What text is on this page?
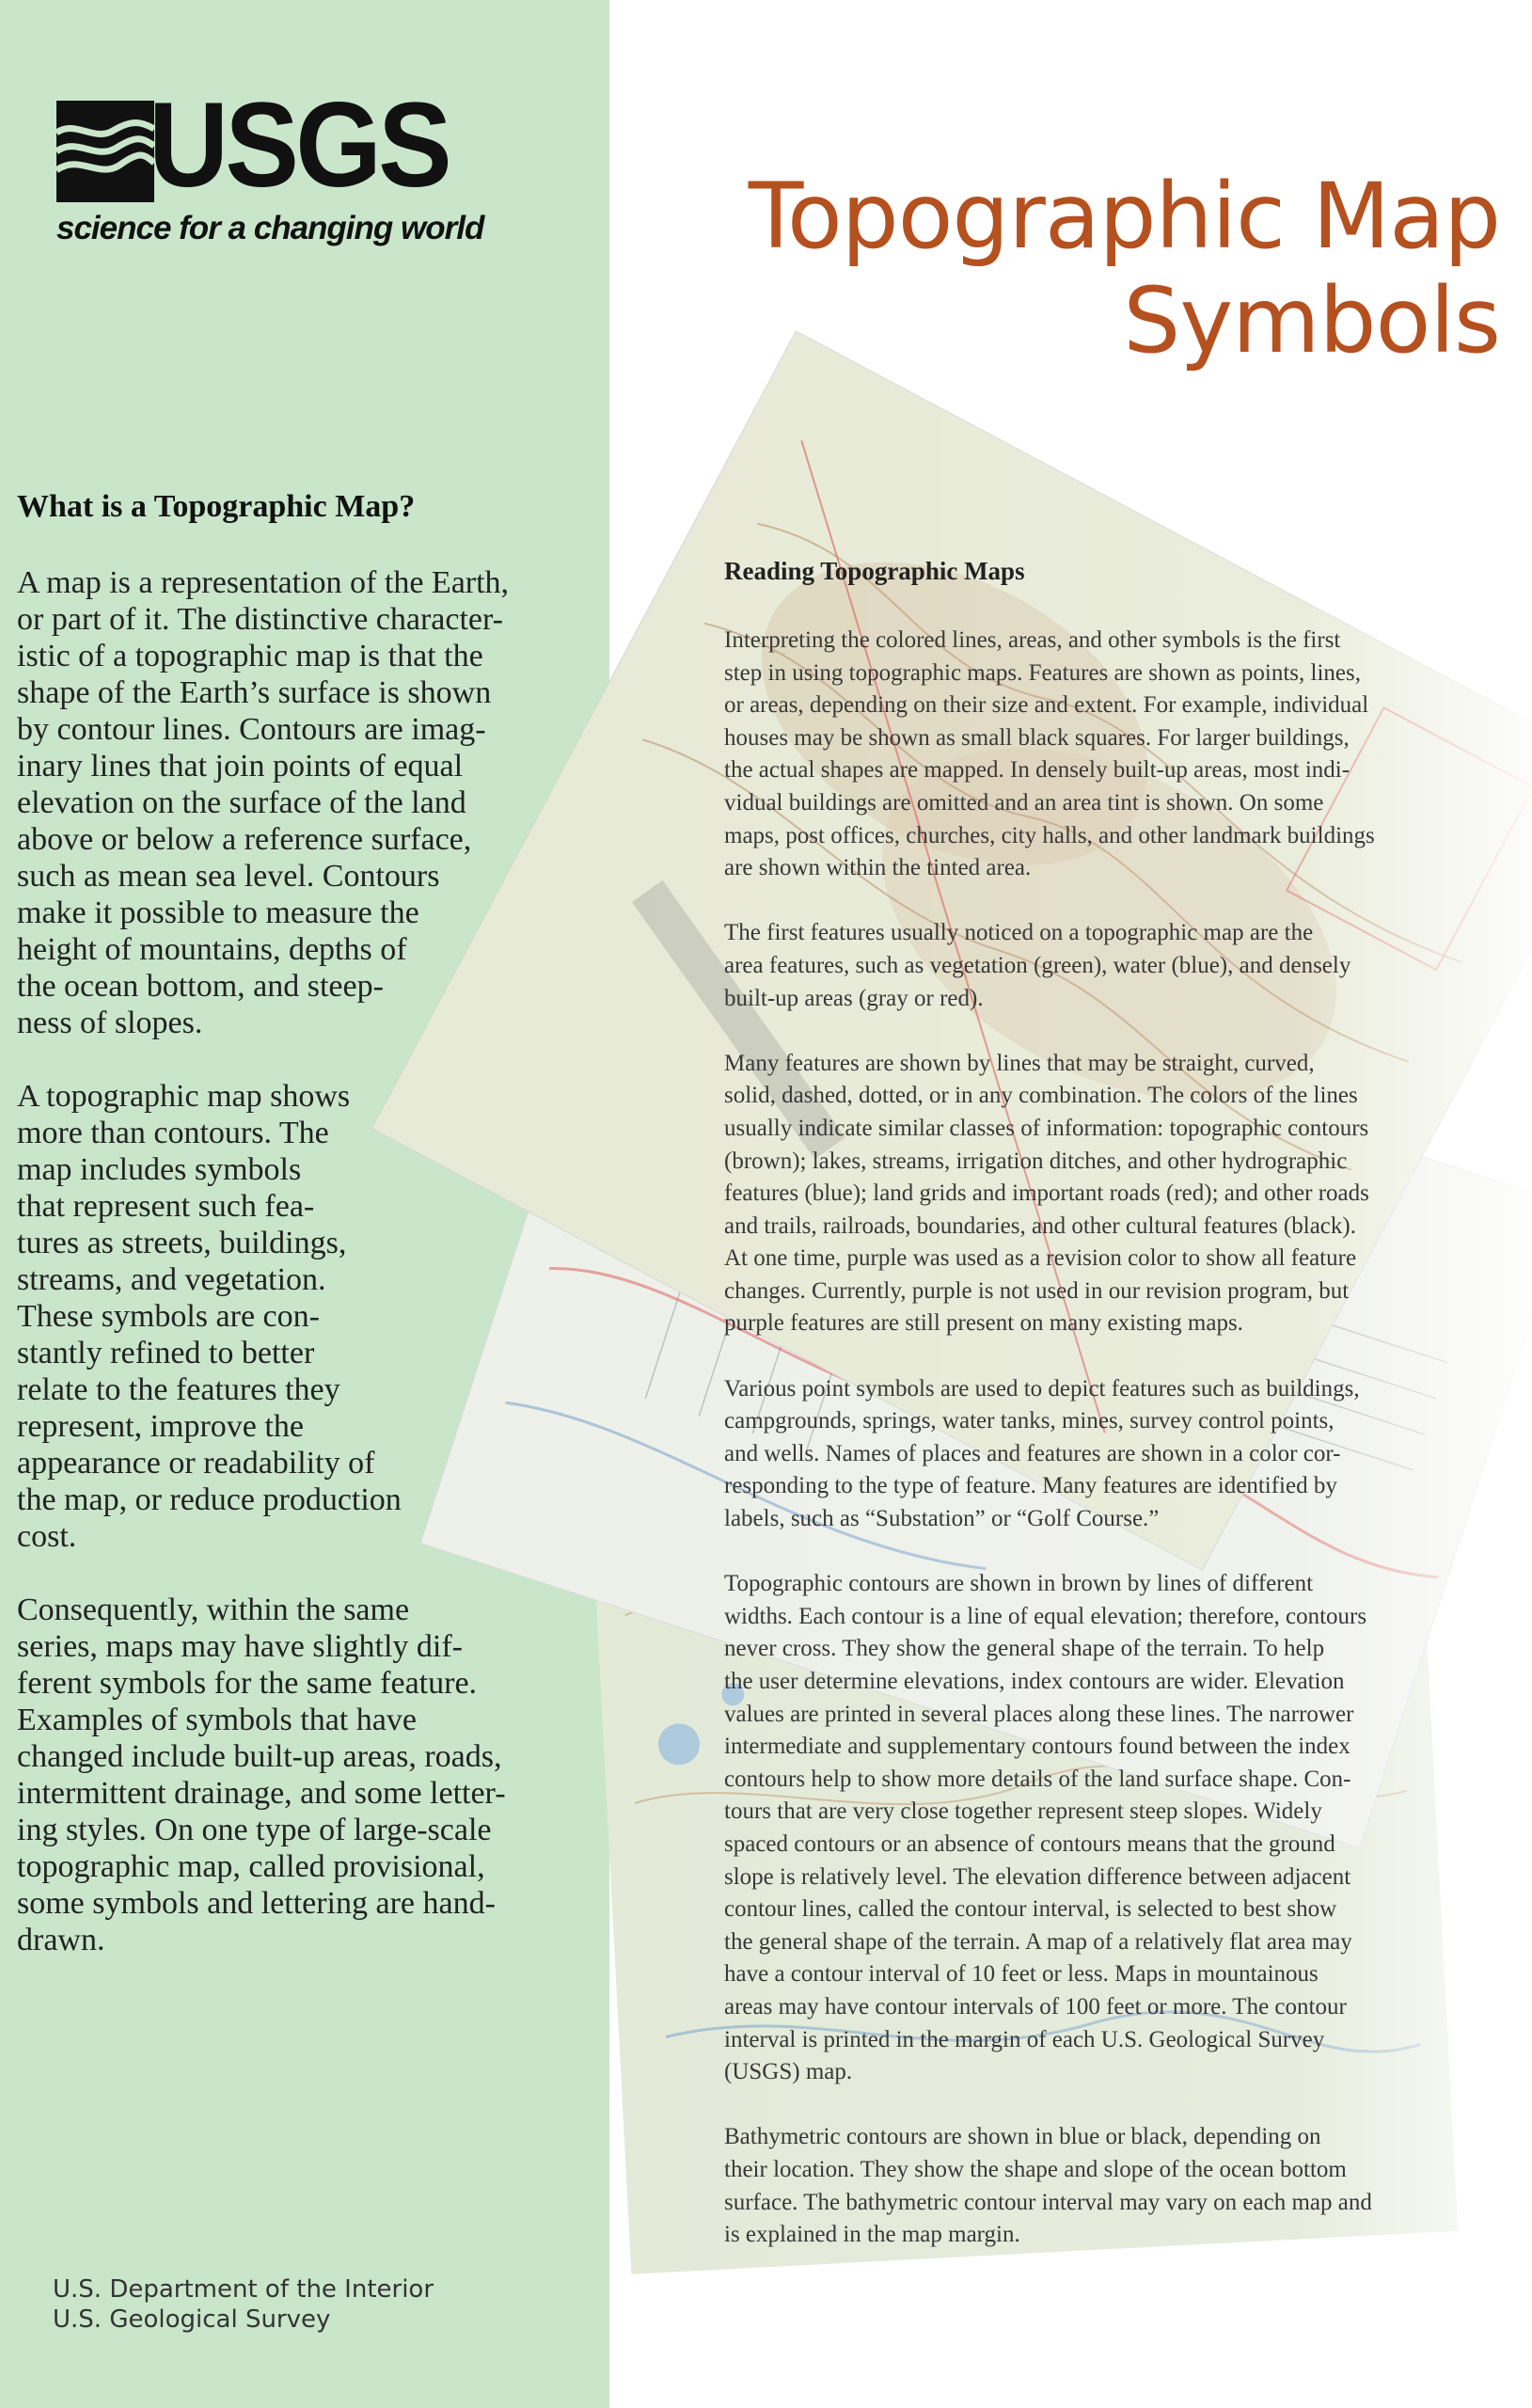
USGS
science for a changing world	Topographic Map
Symbols
What is a Topographic Map?

A map is a representation of the Earth,
or part of it. The distinctive character-
istic of a topographic map is that the
shape of the Earth’s surface is shown
by contour lines. Contours are imag-
inary lines that join points of equal
elevation on the surface of the land
above or below a reference surface,
such as mean sea level. Contours
make it possible to measure the
height of mountains, depths of
the ocean bottom, and steep-
ness of slopes.

A topographic map shows
more than contours. The
map includes symbols
that represent such fea-
tures as streets, buildings,
streams, and vegetation.
These symbols are con-
stantly refined to better
relate to the features they
represent, improve the
appearance or readability of
the map, or reduce production
cost.

Consequently, within the same
series, maps may have slightly dif-
ferent symbols for the same feature.
Examples of symbols that have
changed include built-up areas, roads,
intermittent drainage, and some letter-
ing styles. On one type of large-scale
topographic map, called provisional,
some symbols and lettering are hand-
drawn.

Reading Topographic Maps

Interpreting the colored lines, areas, and other symbols is the first
step in using topographic maps. Features are shown as points, lines,
or areas, depending on their size and extent. For example, individual
houses may be shown as small black squares. For larger buildings,
the actual shapes are mapped. In densely built-up areas, most indi-
vidual buildings are omitted and an area tint is shown. On some
maps, post offices, churches, city halls, and other landmark buildings
are shown within the tinted area.

The first features usually noticed on a topographic map are the
area features, such as vegetation (green), water (blue), and densely
built-up areas (gray or red).

Many features are shown by lines that may be straight, curved,
solid, dashed, dotted, or in any combination. The colors of the lines
usually indicate similar classes of information: topographic contours
(brown); lakes, streams, irrigation ditches, and other hydrographic
features (blue); land grids and important roads (red); and other roads
and trails, railroads, boundaries, and other cultural features (black).
At one time, purple was used as a revision color to show all feature
changes. Currently, purple is not used in our revision program, but
purple features are still present on many existing maps.

Various point symbols are used to depict features such as buildings,
campgrounds, springs, water tanks, mines, survey control points,
and wells. Names of places and features are shown in a color cor-
responding to the type of feature. Many features are identified by
labels, such as “Substation” or “Golf Course.”

Topographic contours are shown in brown by lines of different
widths. Each contour is a line of equal elevation; therefore, contours
never cross. They show the general shape of the terrain. To help
the user determine elevations, index contours are wider. Elevation
values are printed in several places along these lines. The narrower
intermediate and supplementary contours found between the index
contours help to show more details of the land surface shape. Con-
tours that are very close together represent steep slopes. Widely
spaced contours or an absence of contours means that the ground
slope is relatively level. The elevation difference between adjacent
contour lines, called the contour interval, is selected to best show
the general shape of the terrain. A map of a relatively flat area may
have a contour interval of 10 feet or less. Maps in mountainous
areas may have contour intervals of 100 feet or more. The contour
interval is printed in the margin of each U.S. Geological Survey
(USGS) map.

Bathymetric contours are shown in blue or black, depending on
their location. They show the shape and slope of the ocean bottom
surface. The bathymetric contour interval may vary on each map and
is explained in the map margin.

U.S. Department of the Interior
U.S. Geological Survey
